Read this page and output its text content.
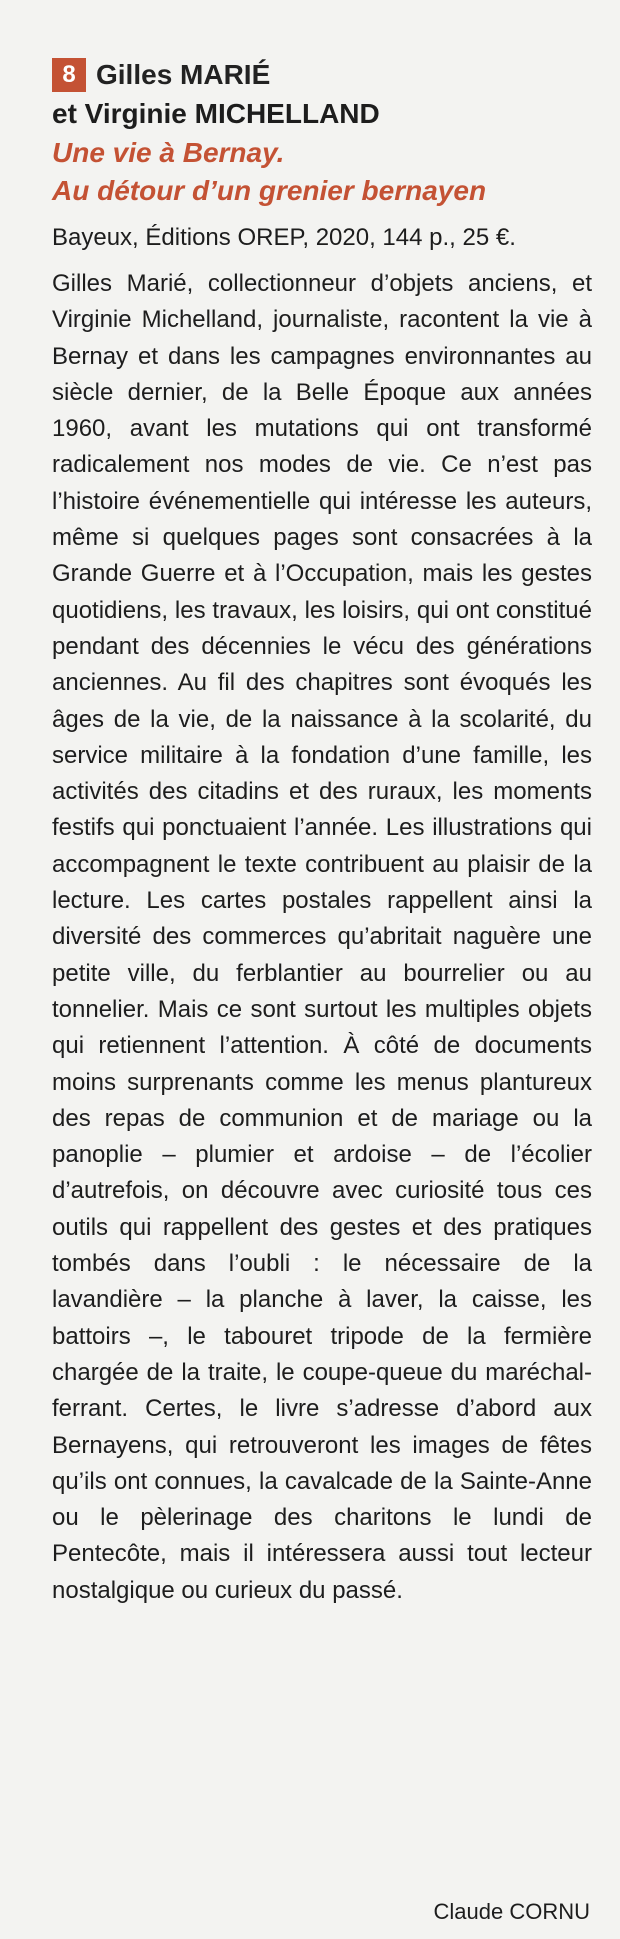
8 Gilles MARIÉ
et Virginie MICHELLAND
Une vie à Bernay.
Au détour d’un grenier bernayen
Bayeux, Éditions OREP, 2020, 144 p., 25 €.
Gilles Marié, collectionneur d’objets anciens, et Virginie Michelland, journaliste, racontent la vie à Bernay et dans les campagnes environnantes au siècle dernier, de la Belle Époque aux années 1960, avant les mutations qui ont transformé radicalement nos modes de vie. Ce n’est pas l’histoire événementielle qui intéresse les auteurs, même si quelques pages sont consacrées à la Grande Guerre et à l’Occupation, mais les gestes quotidiens, les travaux, les loisirs, qui ont constitué pendant des décennies le vécu des générations anciennes. Au fil des chapitres sont évoqués les âges de la vie, de la naissance à la scolarité, du service militaire à la fondation d’une famille, les activités des citadins et des ruraux, les moments festifs qui ponctuaient l’année. Les illustrations qui accompagnent le texte contribuent au plaisir de la lecture. Les cartes postales rappellent ainsi la diversité des commerces qu’abritait naguère une petite ville, du ferblantier au bourrelier ou au tonnelier. Mais ce sont surtout les multiples objets qui retiennent l’attention. À côté de documents moins surprenants comme les menus plantureux des repas de communion et de mariage ou la panoplie – plumier et ardoise – de l’écolier d’autrefois, on découvre avec curiosité tous ces outils qui rappellent des gestes et des pratiques tombés dans l’oubli : le nécessaire de la lavandière – la planche à laver, la caisse, les battoirs –, le tabouret tripode de la fermière chargée de la traite, le coupe-queue du maréchal-ferrant. Certes, le livre s’adresse d’abord aux Bernayens, qui retrouveront les images de fêtes qu’ils ont connues, la cavalcade de la Sainte-Anne ou le pèlerinage des charitons le lundi de Pentecôte, mais il intéressera aussi tout lecteur nostalgique ou curieux du passé.
Claude CORNU
